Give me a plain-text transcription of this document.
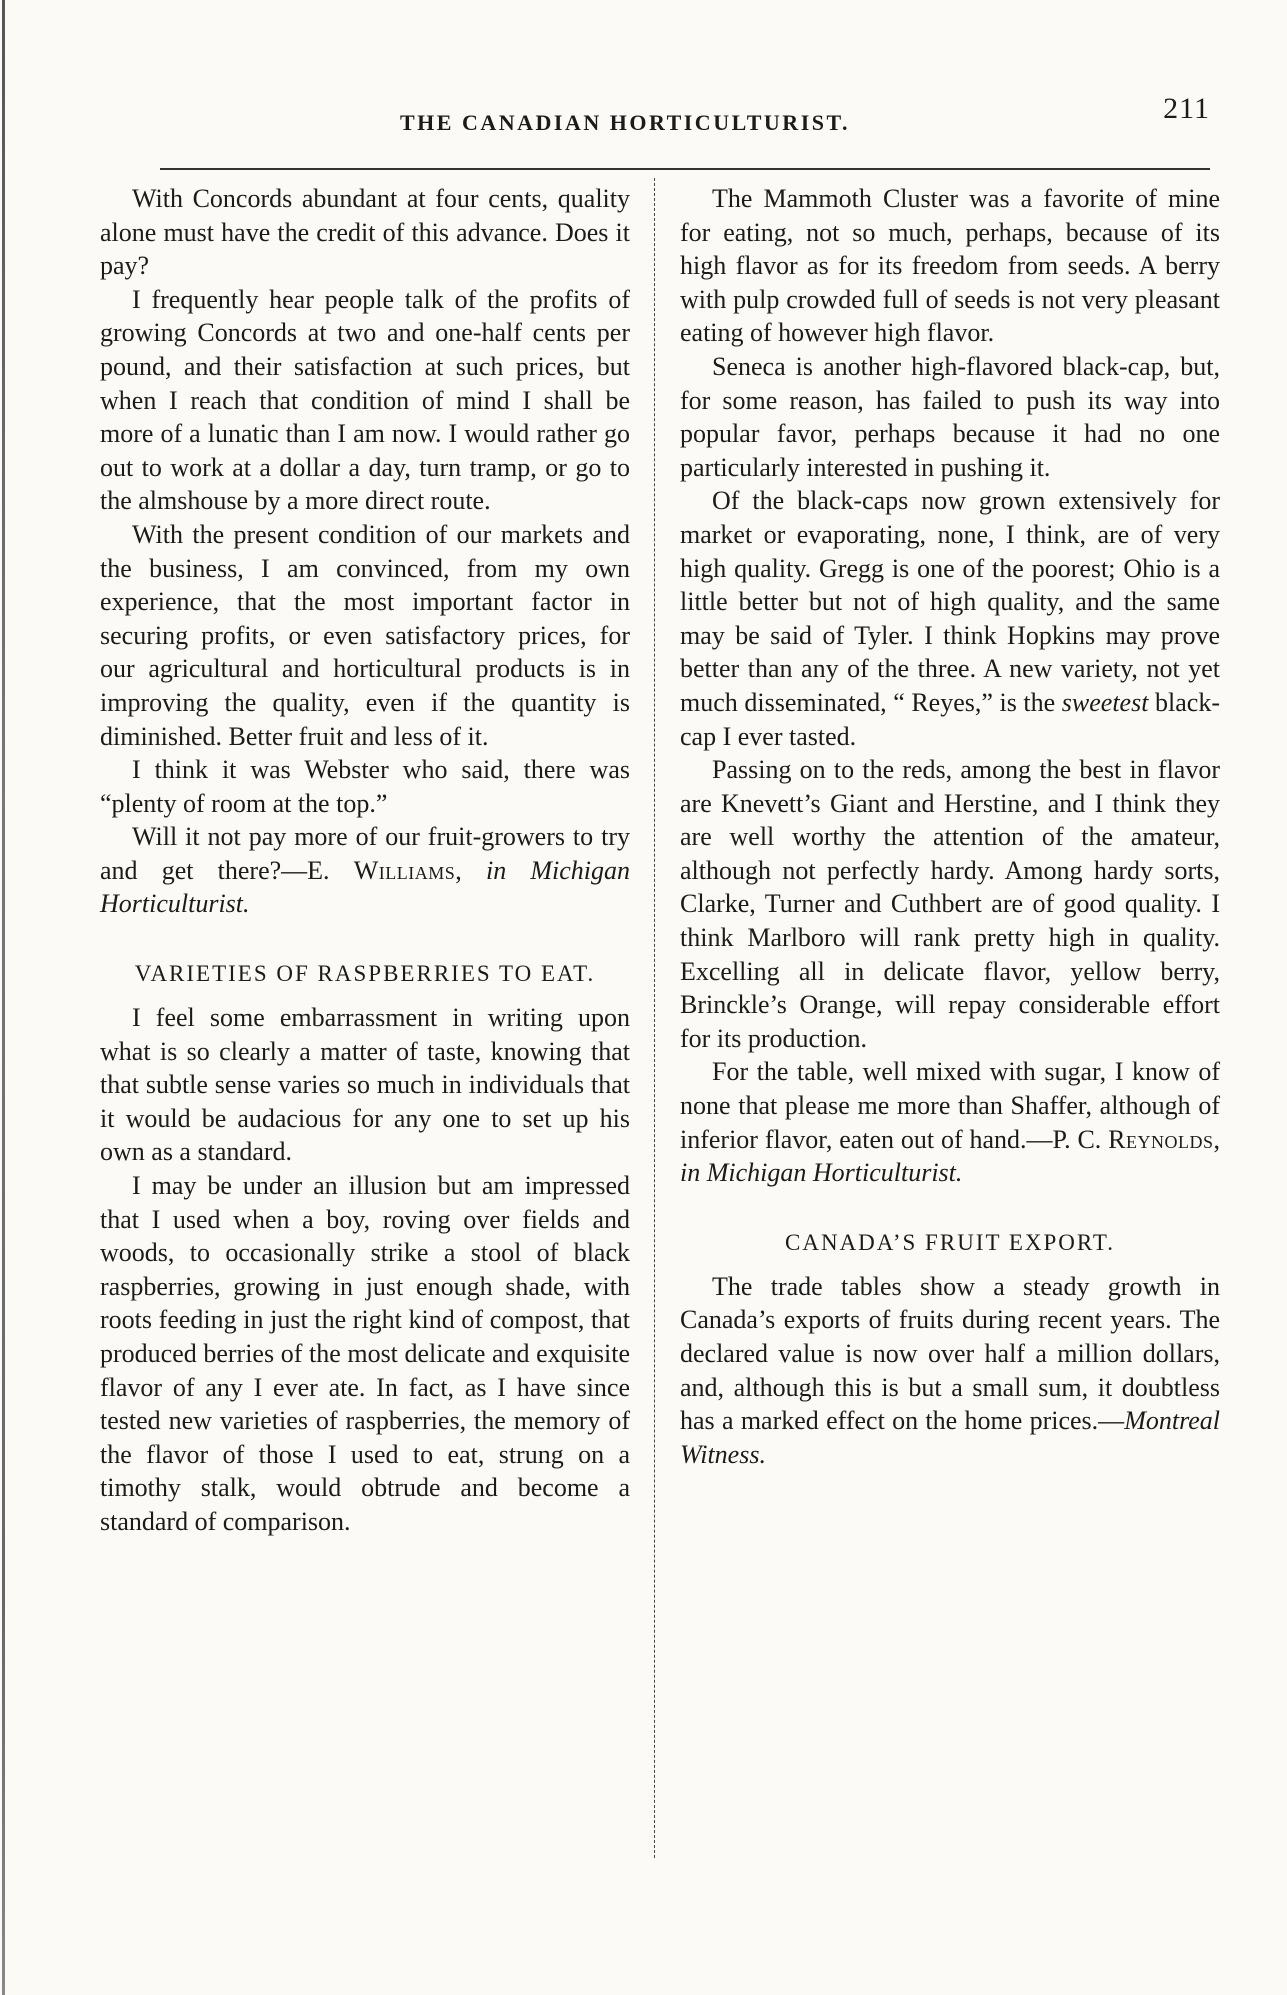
THE CANADIAN HORTICULTURIST.	211

With Concords abundant at four cents, quality alone must have the credit of this advance. Does it pay?

I frequently hear people talk of the profits of growing Concords at two and one-half cents per pound, and their satisfaction at such prices, but when I reach that condition of mind I shall be more of a lunatic than I am now. I would rather go out to work at a dollar a day, turn tramp, or go to the almshouse by a more direct route.

With the present condition of our markets and the business, I am convinced, from my own experience, that the most important factor in securing profits, or even satisfactory prices, for our agricultural and horticultural products is in improving the quality, even if the quantity is diminished. Better fruit and less of it.

I think it was Webster who said, there was “plenty of room at the top.”

Will it not pay more of our fruit-growers to try and get there?—E. Williams, in Michigan Horticulturist.

VARIETIES OF RASPBERRIES TO EAT.

I feel some embarrassment in writing upon what is so clearly a matter of taste, knowing that that subtle sense varies so much in individuals that it would be audacious for any one to set up his own as a standard.

I may be under an illusion but am impressed that I used when a boy, roving over fields and woods, to occasionally strike a stool of black raspberries, growing in just enough shade, with roots feeding in just the right kind of compost, that produced berries of the most delicate and exquisite flavor of any I ever ate. In fact, as I have since tested new varieties of raspberries, the memory of the flavor of those I used to eat, strung on a timothy stalk, would obtrude and become a standard of comparison.

The Mammoth Cluster was a favorite of mine for eating, not so much, perhaps, because of its high flavor as for its freedom from seeds. A berry with pulp crowded full of seeds is not very pleasant eating of however high flavor.

Seneca is another high-flavored black-cap, but, for some reason, has failed to push its way into popular favor, perhaps because it had no one particularly interested in pushing it.

Of the black-caps now grown extensively for market or evaporating, none, I think, are of very high quality. Gregg is one of the poorest; Ohio is a little better but not of high quality, and the same may be said of Tyler. I think Hopkins may prove better than any of the three. A new variety, not yet much disseminated, “ Reyes,” is the sweetest black-cap I ever tasted.

Passing on to the reds, among the best in flavor are Knevett’s Giant and Herstine, and I think they are well worthy the attention of the amateur, although not perfectly hardy. Among hardy sorts, Clarke, Turner and Cuthbert are of good quality. I think Marlboro will rank pretty high in quality. Excelling all in delicate flavor, yellow berry, Brinckle’s Orange, will repay considerable effort for its production.

For the table, well mixed with sugar, I know of none that please me more than Shaffer, although of inferior flavor, eaten out of hand.—P. C. Reynolds, in Michigan Horticulturist.

CANADA’S FRUIT EXPORT.

The trade tables show a steady growth in Canada’s exports of fruits during recent years. The declared value is now over half a million dollars, and, although this is but a small sum, it doubtless has a marked effect on the home prices.—Montreal Witness.
